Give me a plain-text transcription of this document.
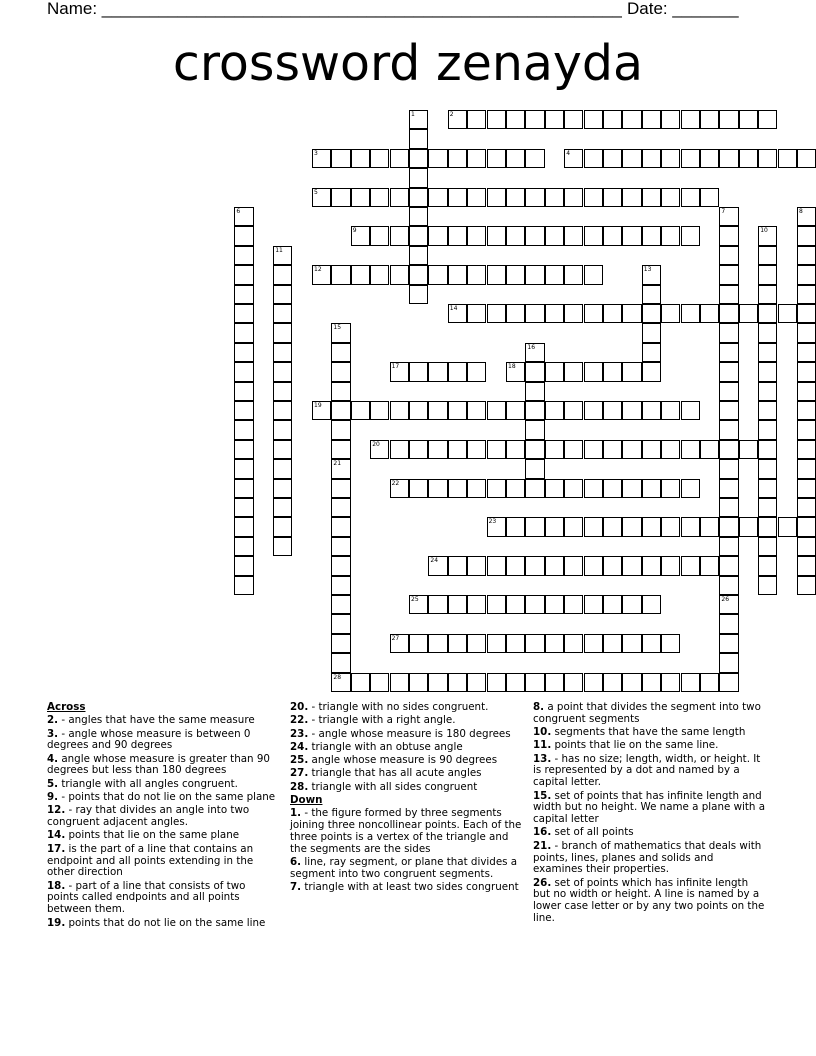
Name: _______________________________________________________ Date: _______
crossword zenayda
1	2
3	4
5
6	7	8
9	10
11
12	13
14
15
16
17	18
19
20
21
22
23
24
25	26
27
28
Across
2. - angles that have the same measure
3. - angle whose measure is between 0 degrees and 90 degrees
4. angle whose measure is greater than 90 degrees but less than 180 degrees
5. triangle with all angles congruent.
9. - points that do not lie on the same plane
12. - ray that divides an angle into two congruent adjacent angles.
14. points that lie on the same plane
17. is the part of a line that contains an endpoint and all points extending in the other direction
18. - part of a line that consists of two points called endpoints and all points between them.
19. points that do not lie on the same line
20. - triangle with no sides congruent.
22. - triangle with a right angle.
23. - angle whose measure is 180 degrees
24. triangle with an obtuse angle
25. angle whose measure is 90 degrees
27. triangle that has all acute angles
28. triangle with all sides congruent
Down
1. - the figure formed by three segments joining three noncollinear points. Each of the three points is a vertex of the triangle and the segments are the sides
6. line, ray segment, or plane that divides a segment into two congruent segments.
7. triangle with at least two sides congruent
8. a point that divides the segment into two congruent segments
10. segments that have the same length
11. points that lie on the same line.
13. - has no size; length, width, or height. It is represented by a dot and named by a capital letter.
15. set of points that has infinite length and width but no height. We name a plane with a capital letter
16. set of all points
21. - branch of mathematics that deals with points, lines, planes and solids and examines their properties.
26. set of points which has infinite length but no width or height. A line is named by a lower case letter or by any two points on the line.
